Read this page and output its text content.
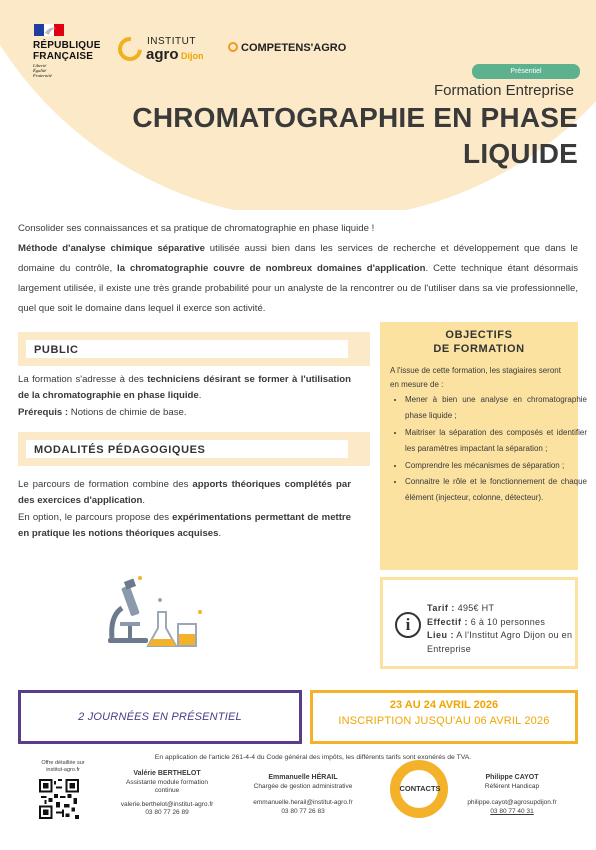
RÉPUBLIQUE
FRANÇAISE
Liberté
Égalité
Fraternité
INSTITUT
agro Dijon
COMPETENS'AGRO
Présentiel
Formation Entreprise
CHROMATOGRAPHIE EN PHASE
LIQUIDE

Consolider ses connaissances et sa pratique de chromatographie en phase liquide !

Méthode d'analyse chimique séparative utilisée aussi bien dans les services de recherche et développement que dans le domaine du contrôle, la chromatographie couvre de nombreux domaines d'application. Cette technique étant désormais largement utilisée, il existe une très grande probabilité pour un analyste de la rencontrer ou de l'utiliser dans sa vie professionnelle, quel que soit le domaine dans lequel il exerce son activité.

PUBLIC

La formation s'adresse à des techniciens désirant se former à l'utilisation de la chromatographie en phase liquide.

Prérequis : Notions de chimie de base.

MODALITÉS PÉDAGOGIQUES

Le parcours de formation combine des apports théoriques complétés par des exercices d'application.

En option, le parcours propose des expérimentations permettant de mettre en pratique les notions théoriques acquises.

OBJECTIFS
DE FORMATION
A l'issue de cette formation, les stagiaires seront en mesure de :
• Mener à bien une analyse en chromatographie phase liquide ;
• Maitriser la séparation des composés et identifier les paramètres impactant la séparation ;
• Comprendre les mécanismes de séparation ;
• Connaitre le rôle et le fonctionnement de chaque élément (injecteur, colonne, détecteur).
i
Tarif : 495€ HT
Effectif : 6 à 10 personnes
Lieu : A l'Institut Agro Dijon ou en Entreprise
2 JOURNÉES EN PRÉSENTIEL
23 AU 24 AVRIL 2026
INSCRIPTION JUSQU'AU 06 AVRIL 2026
En application de l'article 261-4-4 du Code général des impôts, les différents tarifs sont exonérés de TVA.
Offre détaillée sur
institut-agro.fr	Valérie BERTHELOT
Assistante module formation
continue
valerie.berthelot@institut-agro.fr
03 80 77 26 89
Emmanuelle HÉRAIL
Chargée de gestion administrative
emmanuelle.herail@institut-agro.fr
03 80 77 26 83
CONTACTS
Philippe CAYOT
Référent Handicap
philippe.cayot@agrosupdijon.fr
03 80 77 40 31
